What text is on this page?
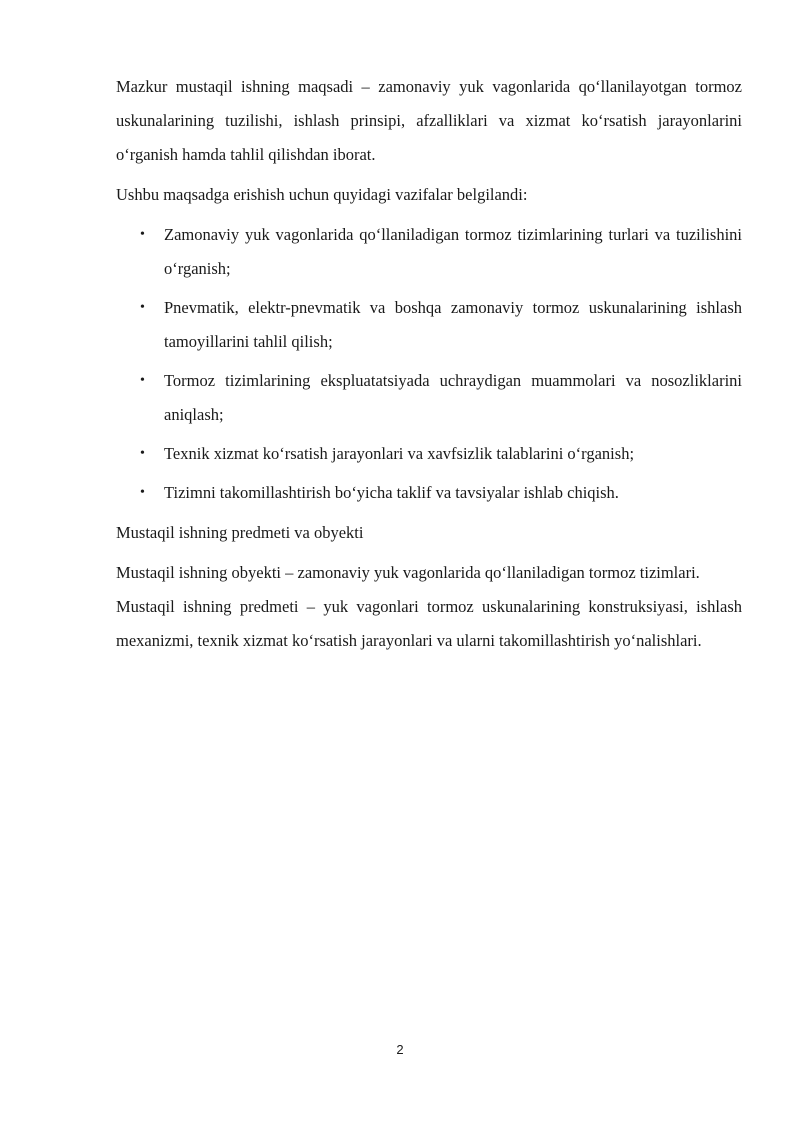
Mazkur mustaqil ishning maqsadi – zamonaviy yuk vagonlarida qo‘llanilayotgan tormoz uskunalarining tuzilishi, ishlash prinsipi, afzalliklari va xizmat ko‘rsatish jarayonlarini o‘rganish hamda tahlil qilishdan iborat.

Ushbu maqsadga erishish uchun quyidagi vazifalar belgilandi:

• Zamonaviy yuk vagonlarida qo‘llaniladigan tormoz tizimlarining turlari va tuzilishini o‘rganish;
• Pnevmatik, elektr-pnevmatik va boshqa zamonaviy tormoz uskunalarining ishlash tamoyillarini tahlil qilish;
• Tormoz tizimlarining ekspluatatsiyada uchraydigan muammolari va nosozliklarini aniqlash;
• Texnik xizmat ko‘rsatish jarayonlari va xavfsizlik talablarini o‘rganish;
• Tizimni takomillashtirish bo‘yicha taklif va tavsiyalar ishlab chiqish.

Mustaqil ishning predmeti va obyekti

Mustaqil ishning obyekti – zamonaviy yuk vagonlarida qo‘llaniladigan tormoz tizimlari.

Mustaqil ishning predmeti – yuk vagonlari tormoz uskunalarining konstruksiyasi, ishlash mexanizmi, texnik xizmat ko‘rsatish jarayonlari va ularni takomillashtirish yo‘nalishlari.

2
